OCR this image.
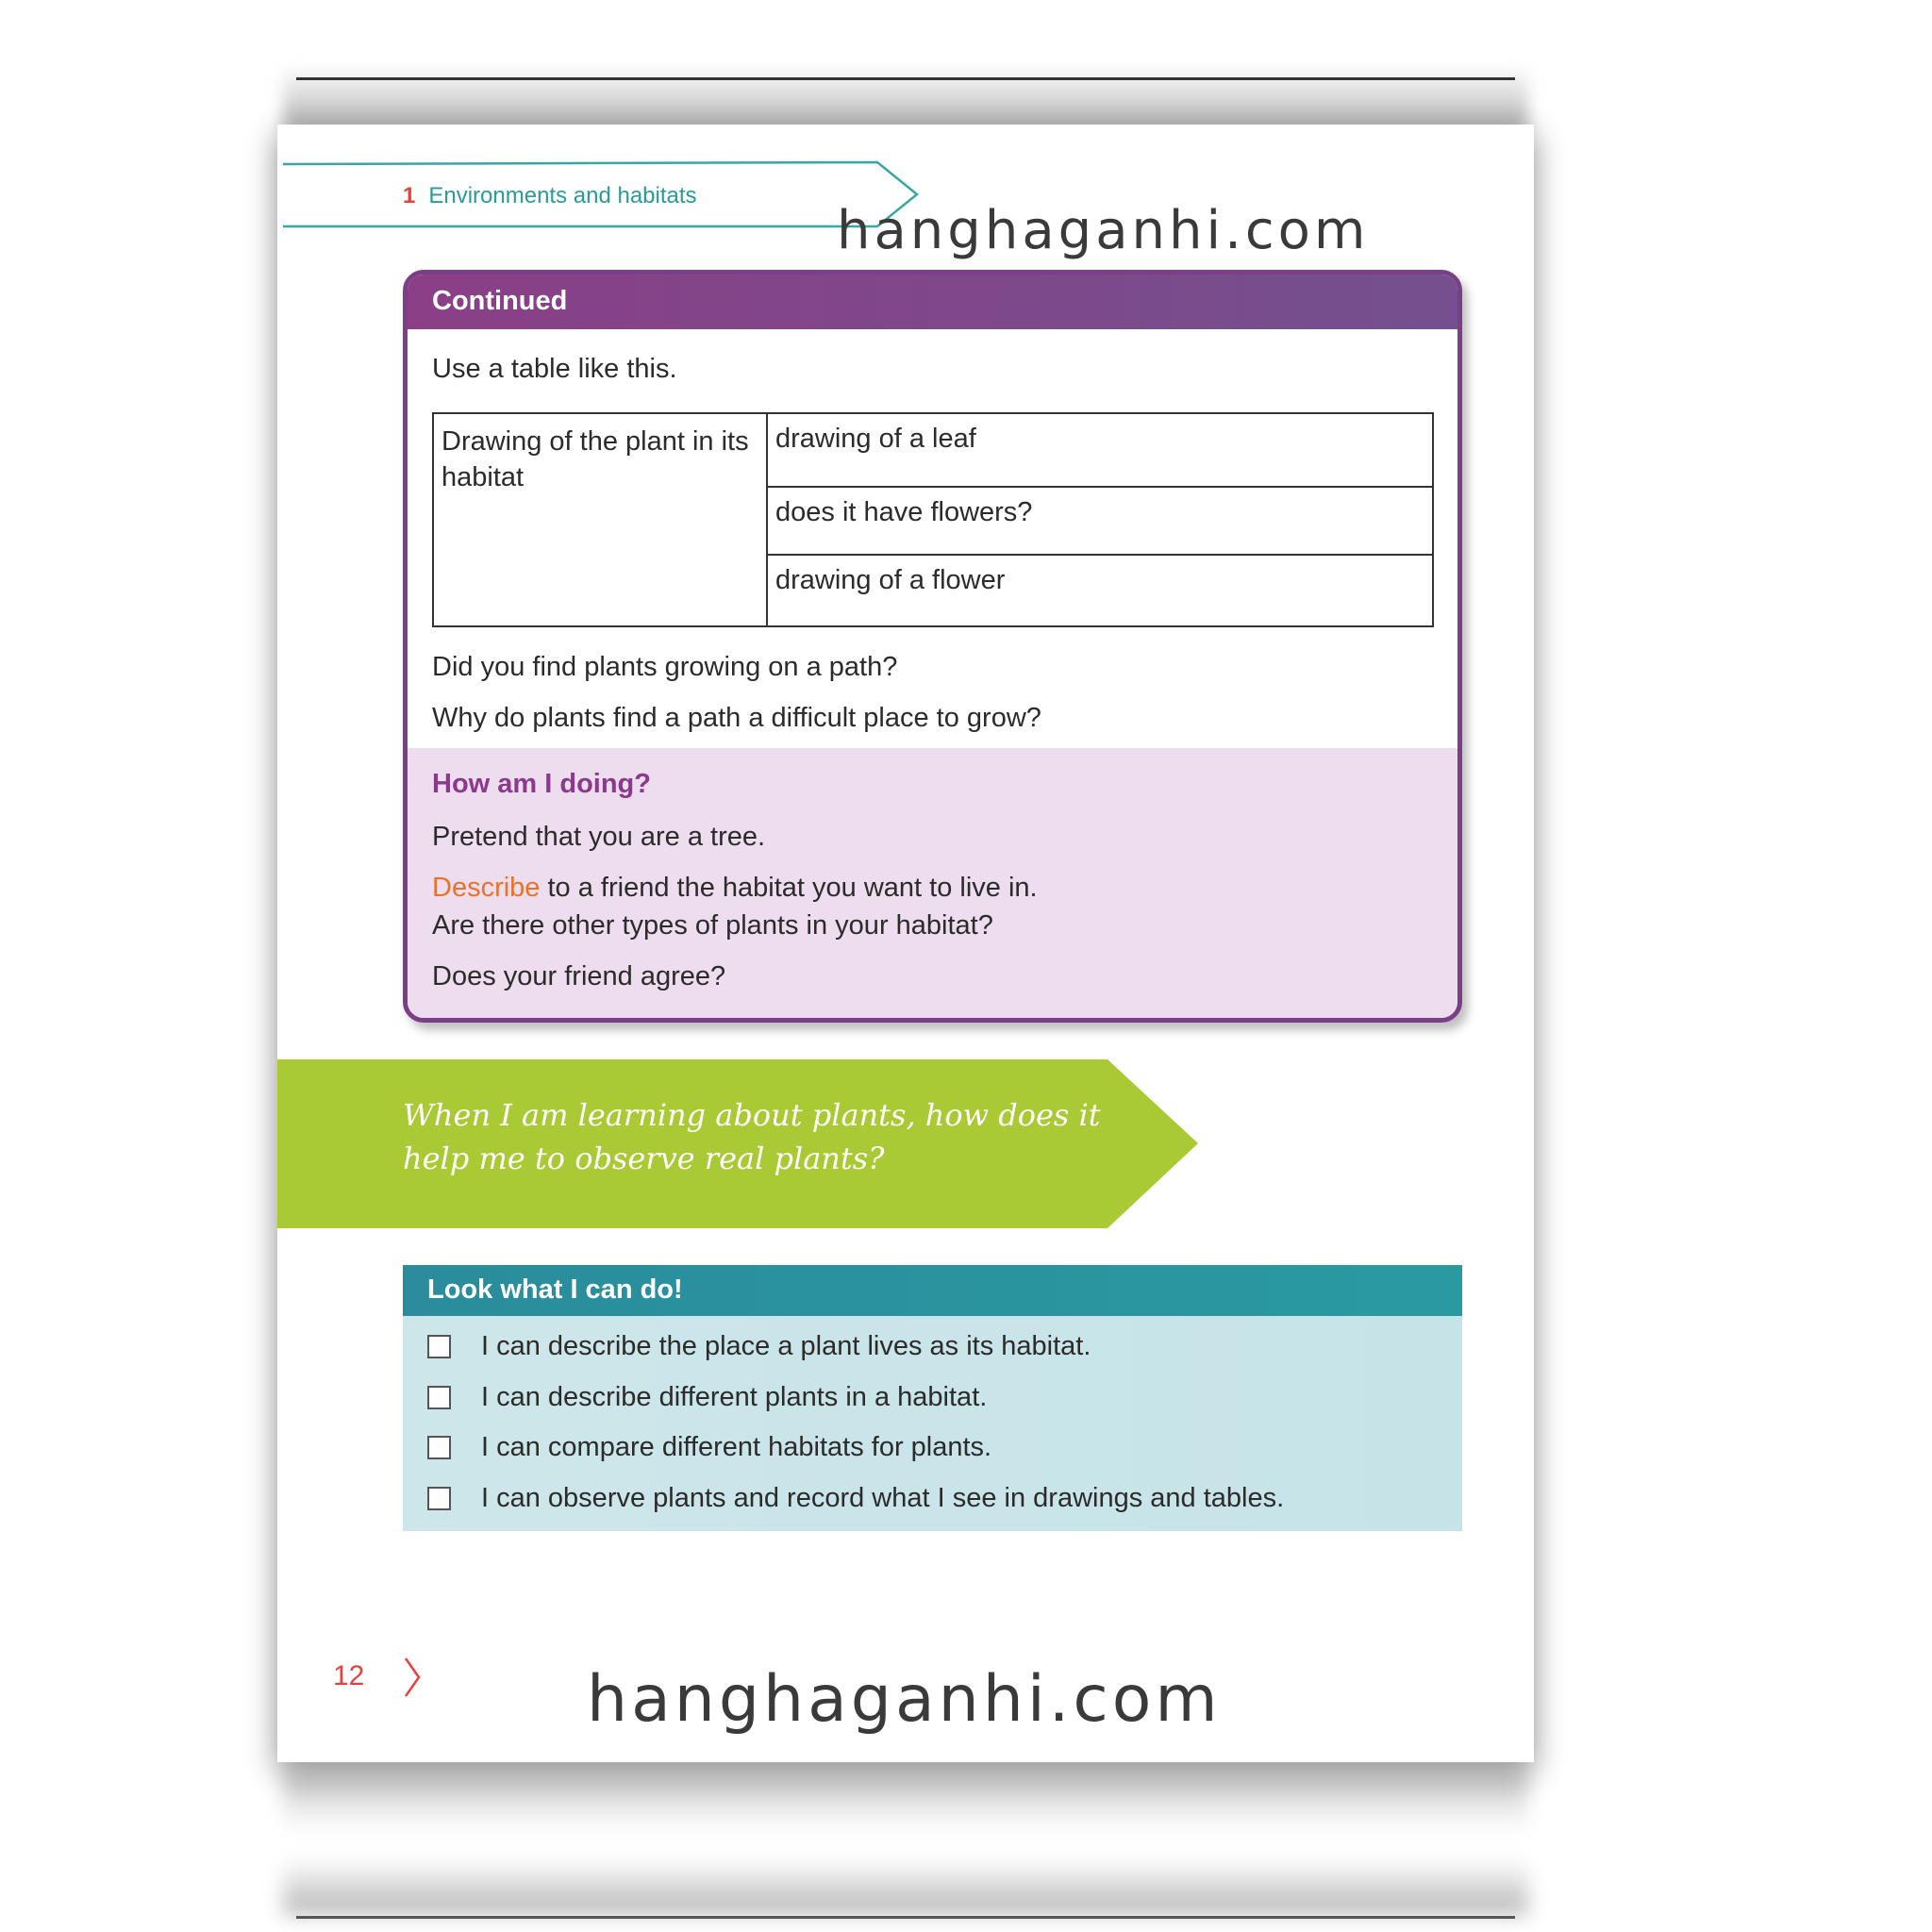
1 Environments and habitats
hanghaganhi.com
Continued
Use a table like this.
Drawing of the plant in its habitat	drawing of a leaf
does it have flowers?
drawing of a flower
Did you find plants growing on a path?
Why do plants find a path a difficult place to grow?
How am I doing?
Pretend that you are a tree.
Describe to a friend the habitat you want to live in.
Are there other types of plants in your habitat?
Does your friend agree?
When I am learning about plants, how does it
help me to observe real plants?
Look what I can do!
I can describe the place a plant lives as its habitat.
I can describe different plants in a habitat.
I can compare different habitats for plants.
I can observe plants and record what I see in drawings and tables.
12	hanghaganhi.com
